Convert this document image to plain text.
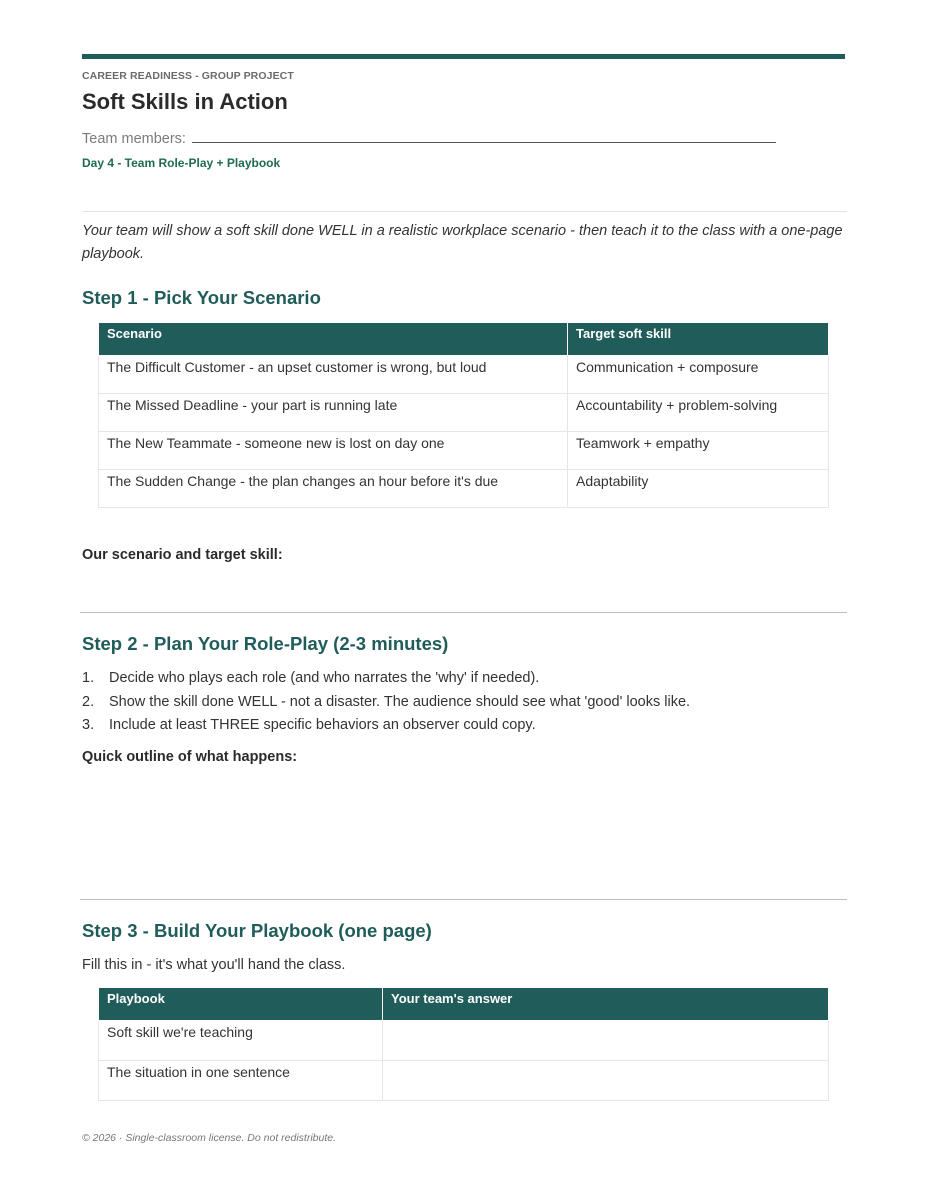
CAREER READINESS - GROUP PROJECT
Soft Skills in Action
Team members:
Day 4 - Team Role-Play + Playbook
Your team will show a soft skill done WELL in a realistic workplace scenario - then teach it to the class with a one-page playbook.
Step 1 - Pick Your Scenario
Scenario	Target soft skill
The Difficult Customer - an upset customer is wrong, but loud	Communication + composure
The Missed Deadline - your part is running late	Accountability + problem-solving
The New Teammate - someone new is lost on day one	Teamwork + empathy
The Sudden Change - the plan changes an hour before it's due	Adaptability
Our scenario and target skill:
Step 2 - Plan Your Role-Play (2-3 minutes)
1. Decide who plays each role (and who narrates the 'why' if needed).
2. Show the skill done WELL - not a disaster. The audience should see what 'good' looks like.
3. Include at least THREE specific behaviors an observer could copy.
Quick outline of what happens:
Step 3 - Build Your Playbook (one page)
Fill this in - it's what you'll hand the class.
Playbook	Your team's answer
Soft skill we're teaching	
The situation in one sentence	
© 2026 · Single-classroom license. Do not redistribute.
